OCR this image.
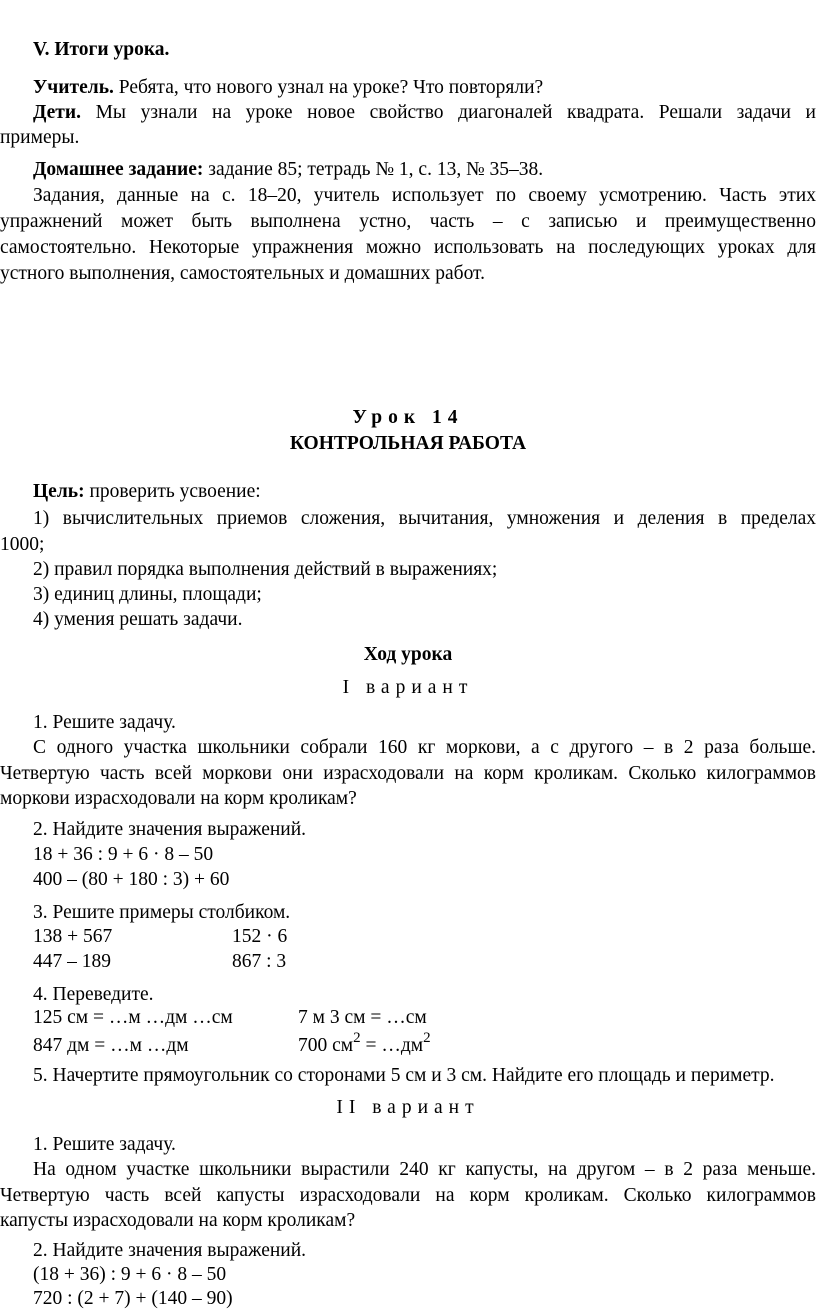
V. Итоги урока.
Учитель. Ребята, что нового узнал на уроке? Что повторяли?
Дети. Мы узнали на уроке новое свойство диагоналей квадрата. Решали задачи и
примеры.
Домашнее задание: задание 85; тетрадь № 1, с. 13, № 35–38.
Задания, данные на с. 18–20, учитель использует по своему усмотрению. Часть этих
упражнений может быть выполнена устно, часть – с записью и преимущественно
самостоятельно. Некоторые упражнения можно использовать на последующих уроках для
устного выполнения, самостоятельных и домашних работ.
Урок 14
КОНТРОЛЬНАЯ РАБОТА
Цель: проверить усвоение:
1) вычислительных приемов сложения, вычитания, умножения и деления в пределах
1000;
2) правил порядка выполнения действий в выражениях;
3) единиц длины, площади;
4) умения решать задачи.
Ход урока
I вариант
1. Решите задачу.
С одного участка школьники собрали 160 кг моркови, а с другого – в 2 раза больше.
Четвертую часть всей моркови они израсходовали на корм кроликам. Сколько килограммов
моркови израсходовали на корм кроликам?
2. Найдите значения выражений.
18 + 36 : 9 + 6 · 8 – 50
400 – (80 + 180 : 3) + 60
3. Решите примеры столбиком.
138 + 567	152 · 6
447 – 189	867 : 3
4. Переведите.
125 см = …м …дм …см	7 м 3 см = …см
847 дм = …м …дм	700 $см^2$ = $\dots дм^2$
5. Начертите прямоугольник со сторонами 5 см и 3 см. Найдите его площадь и периметр.
II вариант
1. Решите задачу.
На одном участке школьники вырастили 240 кг капусты, на другом – в 2 раза меньше.
Четвертую часть всей капусты израсходовали на корм кроликам. Сколько килограммов
капусты израсходовали на корм кроликам?
2. Найдите значения выражений.
(18 + 36) : 9 + 6 · 8 – 50
720 : (2 + 7) + (140 – 90)
